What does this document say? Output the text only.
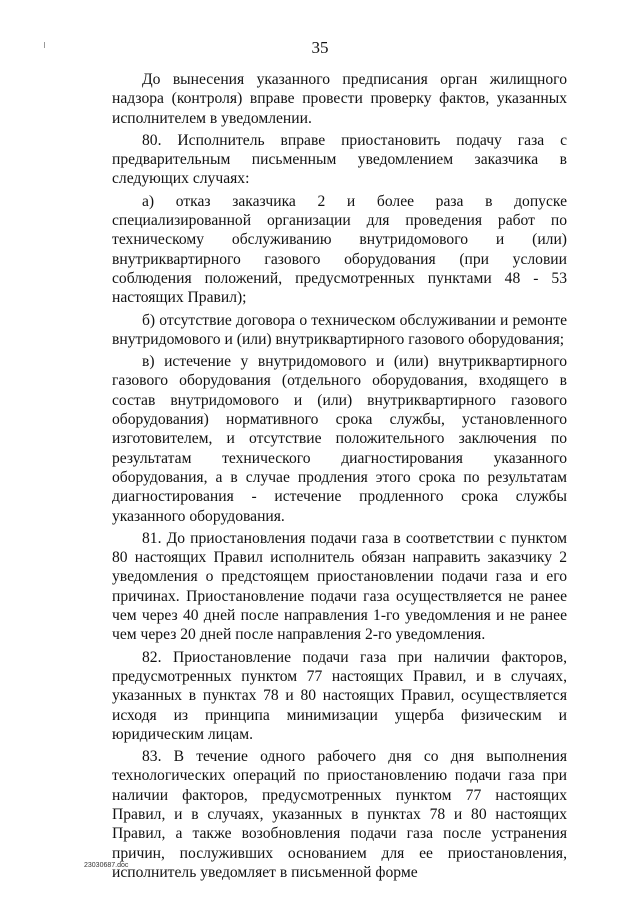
35

До вынесения указанного предписания орган жилищного надзора (контроля) вправе провести проверку фактов, указанных исполнителем в уведомлении.

80. Исполнитель вправе приостановить подачу газа с предварительным письменным уведомлением заказчика в следующих случаях:

а) отказ заказчика 2 и более раза в допуске специализированной организации для проведения работ по техническому обслуживанию внутридомового и (или) внутриквартирного газового оборудования (при условии соблюдения положений, предусмотренных пунктами 48 - 53 настоящих Правил);

б) отсутствие договора о техническом обслуживании и ремонте внутридомового и (или) внутриквартирного газового оборудования;

в) истечение у внутридомового и (или) внутриквартирного газового оборудования (отдельного оборудования, входящего в состав внутридомового и (или) внутриквартирного газового оборудования) нормативного срока службы, установленного изготовителем, и отсутствие положительного заключения по результатам технического диагностирования указанного оборудования, а в случае продления этого срока по результатам диагностирования - истечение продленного срока службы указанного оборудования.

81. До приостановления подачи газа в соответствии с пунктом 80 настоящих Правил исполнитель обязан направить заказчику 2 уведомления о предстоящем приостановлении подачи газа и его причинах. Приостановление подачи газа осуществляется не ранее чем через 40 дней после направления 1-го уведомления и не ранее чем через 20 дней после направления 2-го уведомления.

82. Приостановление подачи газа при наличии факторов, предусмотренных пунктом 77 настоящих Правил, и в случаях, указанных в пунктах 78 и 80 настоящих Правил, осуществляется исходя из принципа минимизации ущерба физическим и юридическим лицам.

83. В течение одного рабочего дня со дня выполнения технологических операций по приостановлению подачи газа при наличии факторов, предусмотренных пунктом 77 настоящих Правил, и в случаях, указанных в пунктах 78 и 80 настоящих Правил, а также возобновления подачи газа после устранения причин, послуживших основанием для ее приостановления, исполнитель уведомляет в письменной форме

23030687.doc
